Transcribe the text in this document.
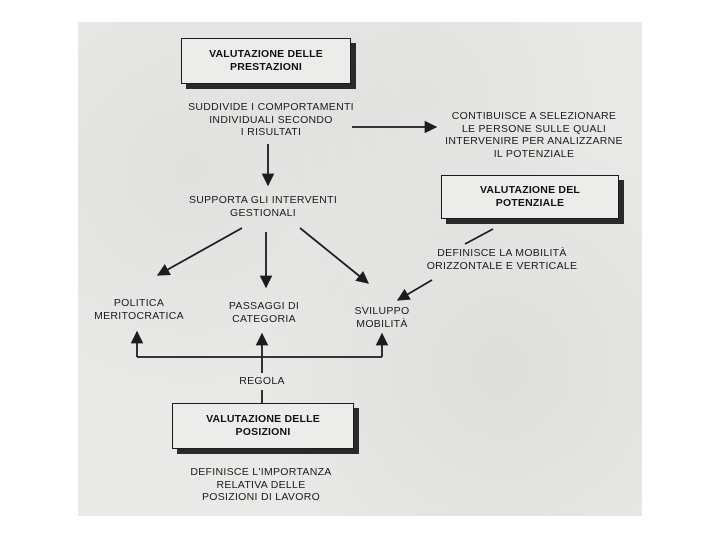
VALUTAZIONE DELLE
PRESTAZIONI
VALUTAZIONE DEL
POTENZIALE
VALUTAZIONE DELLE
POSIZIONI
SUDDIVIDE I COMPORTAMENTI
INDIVIDUALI SECONDO
I RISULTATI
CONTIBUISCE A SELEZIONARE
LE PERSONE SULLE QUALI
INTERVENIRE PER ANALIZZARNE
IL POTENZIALE
SUPPORTA GLI INTERVENTI
GESTIONALI
DEFINISCE LA MOBILITÀ
ORIZZONTALE E VERTICALE
POLITICA
MERITOCRATICA
PASSAGGI DI
CATEGORIA
SVILUPPO
MOBILITÀ
REGOLA
DEFINISCE L'IMPORTANZA
RELATIVA DELLE
POSIZIONI DI LAVORO
